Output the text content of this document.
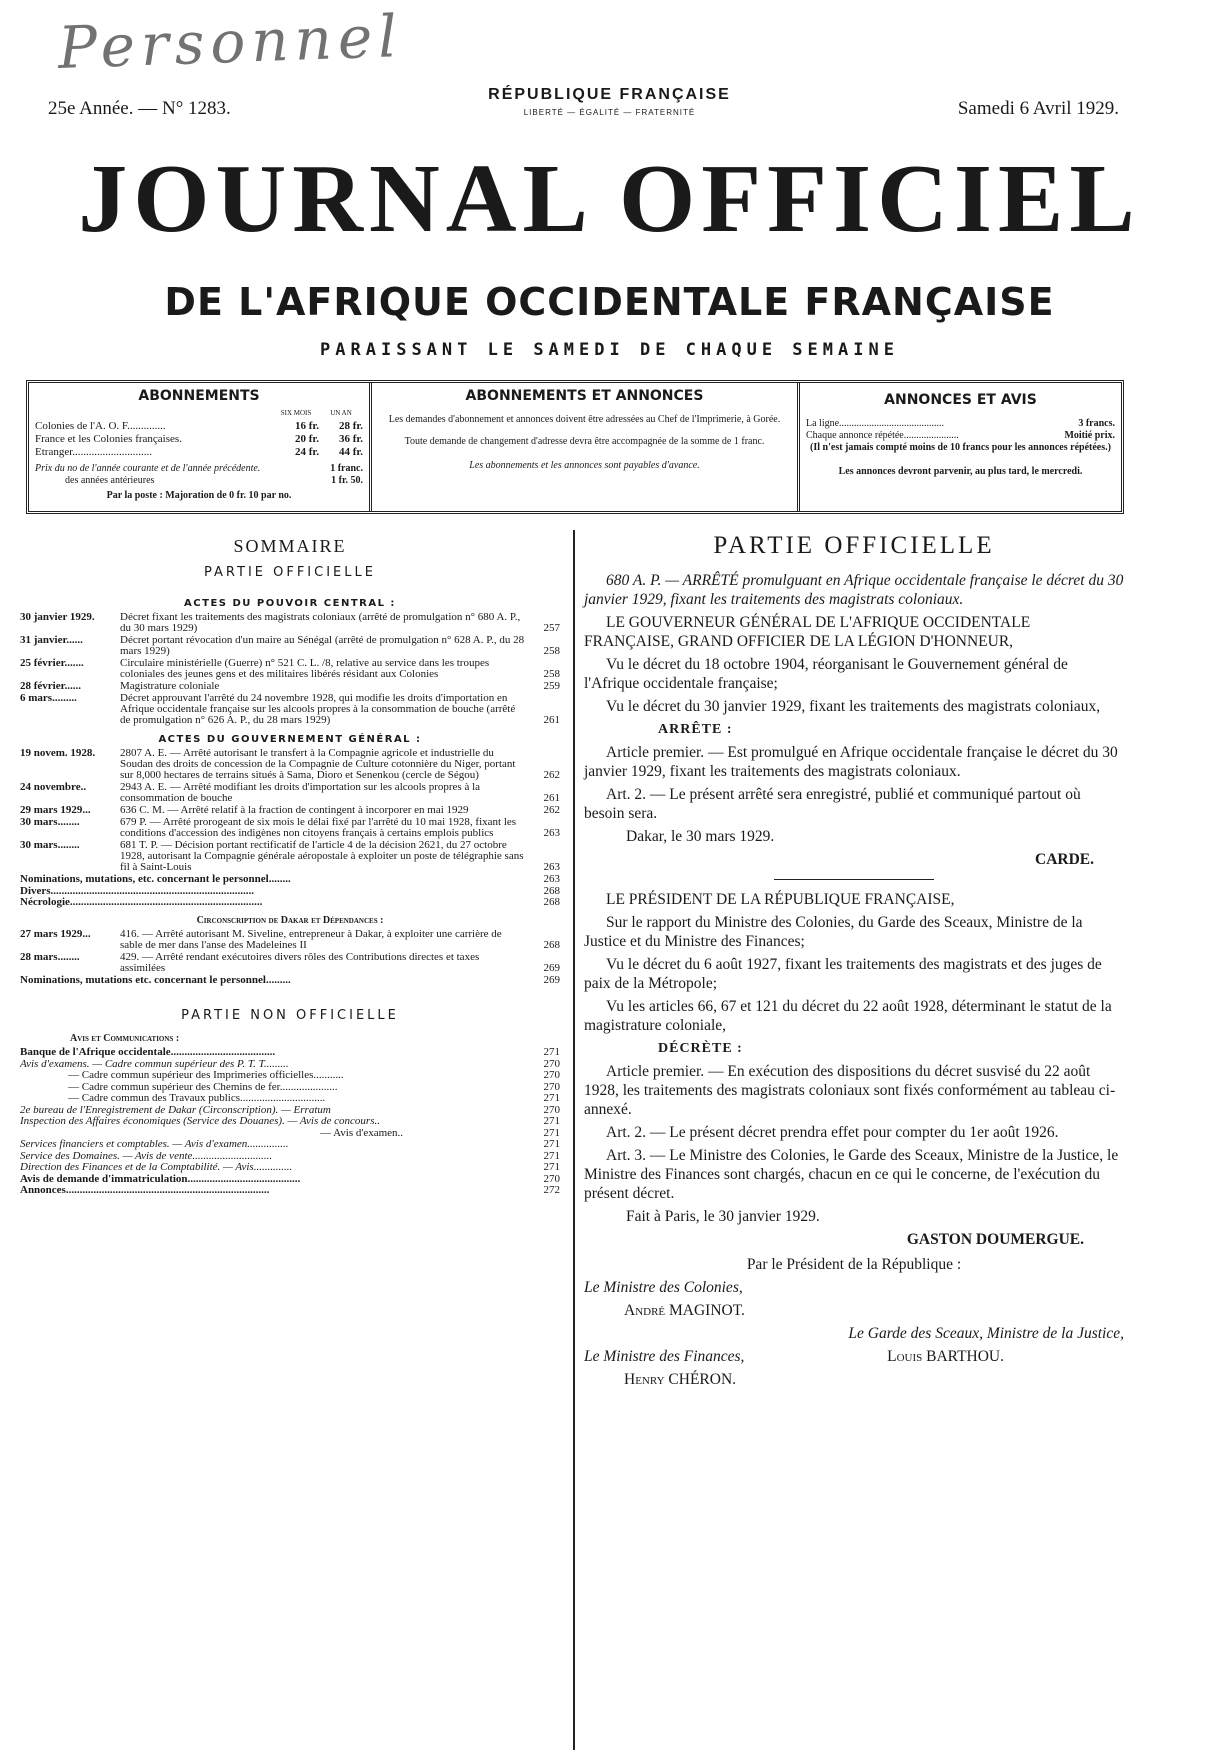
Personnel
25e Année. — N° 1283.
RÉPUBLIQUE FRANÇAISE
LIBERTÉ — ÉGALITÉ — FRATERNITÉ	Samedi 6 Avril 1929.
JOURNAL OFFICIEL
DE L'AFRIQUE OCCIDENTALE FRANÇAISE
PARAISSANT LE SAMEDI DE CHAQUE SEMAINE
ABONNEMENTS
SIX MOIS	UN AN
Colonies de l'A. O. F..............	16 fr.	28 fr.
France et les Colonies françaises.	20 fr.	36 fr.
Etranger.............................	24 fr.	44 fr.
Prix du no de l'année courante et de l'année précédente.	1 franc.
des années antérieures	1 fr. 50.
Par la poste : Majoration de 0 fr. 10 par no.
ABONNEMENTS ET ANNONCES
Les demandes d'abonnement et annonces doivent être adressées au Chef de l'Imprimerie, à Gorée.
Toute demande de changement d'adresse devra être accompagnée de la somme de 1 franc.
Les abonnements et les annonces sont payables d'avance.
ANNONCES ET AVIS
La ligne..........................................	3 francs.
Chaque annonce répétée......................	Moitié prix.
(Il n'est jamais compté moins de 10 francs pour les annonces répétées.)
Les annonces devront parvenir, au plus tard, le mercredi.
SOMMAIRE
PARTIE OFFICIELLE
ACTES DU POUVOIR CENTRAL :
30 janvier 1929.	Décret fixant les traitements des magistrats coloniaux (arrêté de promulgation n° 680 A. P., du 30 mars 1929)	257
31 janvier......	Décret portant révocation d'un maire au Sénégal (arrêté de promulgation n° 628 A. P., du 28 mars 1929)	258
25 février.......	Circulaire ministérielle (Guerre) n° 521 C. L. /8, relative au service dans les troupes coloniales des jeunes gens et des militaires libérés résidant aux Colonies	258
28 février......	Magistrature coloniale	259
6 mars.........	Décret approuvant l'arrêté du 24 novembre 1928, qui modifie les droits d'importation en Afrique occidentale française sur les alcools propres à la consommation de bouche (arrêté de promulgation n° 626 A. P., du 28 mars 1929)	261
ACTES DU GOUVERNEMENT GÉNÉRAL :
19 novem. 1928.	2807 A. E. — Arrêté autorisant le transfert à la Compagnie agricole et industrielle du Soudan des droits de concession de la Compagnie de Culture cotonnière du Niger, portant sur 8,000 hectares de terrains situés à Sama, Dioro et Senenkou (cercle de Ségou)	262
24 novembre..	2943 A. E. — Arrêté modifiant les droits d'importation sur les alcools propres à la consommation de bouche	261
29 mars 1929...	636 C. M. — Arrêté relatif à la fraction de contingent à incorporer en mai 1929	262
30 mars........	679 P. — Arrêté prorogeant de six mois le délai fixé par l'arrêté du 10 mai 1928, fixant les conditions d'accession des indigènes non citoyens français à certains emplois publics	263
30 mars........	681 T. P. — Décision portant rectificatif de l'article 4 de la décision 2621, du 27 octobre 1928, autorisant la Compagnie générale aéropostale à exploiter un poste de télégraphie sans fil à Saint-Louis	263
Nominations, mutations, etc. concernant le personnel........	263
Divers..........................................................................	268
Nécrologie......................................................................	268
Circonscription de Dakar et Dépendances :
27 mars 1929...	416. — Arrêté autorisant M. Siveline, entrepreneur à Dakar, à exploiter une carrière de sable de mer dans l'anse des Madeleines II	268
28 mars........	429. — Arrêté rendant exécutoires divers rôles des Contributions directes et taxes assimilées	269
Nominations, mutations etc. concernant le personnel.........	269
PARTIE NON OFFICIELLE
Avis et Communications :
Banque de l'Afrique occidentale......................................	271
Avis d'examens. — Cadre commun supérieur des P. T. T.........	270
— Cadre commun supérieur des Imprimeries officielles...........	270
— Cadre commun supérieur des Chemins de fer.....................	270
— Cadre commun des Travaux publics...............................	271
2e bureau de l'Enregistrement de Dakar (Circonscription). — Erratum	270
Inspection des Affaires économiques (Service des Douanes). — Avis de concours..	271
— Avis d'examen..	271
Services financiers et comptables. — Avis d'examen...............	271
Service des Domaines. — Avis de vente.............................	271
Direction des Finances et de la Comptabilité. — Avis..............	271
Avis de demande d'immatriculation.........................................	270
Annonces..........................................................................	272
PARTIE OFFICIELLE

680 A. P. — ARRÊTÉ promulguant en Afrique occidentale française le décret du 30 janvier 1929, fixant les traitements des magistrats coloniaux.

LE GOUVERNEUR GÉNÉRAL DE L'AFRIQUE OCCIDENTALE FRANÇAISE, GRAND OFFICIER DE LA LÉGION D'HONNEUR,

Vu le décret du 18 octobre 1904, réorganisant le Gouvernement général de l'Afrique occidentale française;

Vu le décret du 30 janvier 1929, fixant les traitements des magistrats coloniaux,

ARRÊTE :

Article premier. — Est promulgué en Afrique occidentale française le décret du 30 janvier 1929, fixant les traitements des magistrats coloniaux.

Art. 2. — Le présent arrêté sera enregistré, publié et communiqué partout où besoin sera.

Dakar, le 30 mars 1929.

CARDE.

LE PRÉSIDENT DE LA RÉPUBLIQUE FRANÇAISE,

Sur le rapport du Ministre des Colonies, du Garde des Sceaux, Ministre de la Justice et du Ministre des Finances;

Vu le décret du 6 août 1927, fixant les traitements des magistrats et des juges de paix de la Métropole;

Vu les articles 66, 67 et 121 du décret du 22 août 1928, déterminant le statut de la magistrature coloniale,

DÉCRÈTE :

Article premier. — En exécution des dispositions du décret susvisé du 22 août 1928, les traitements des magistrats coloniaux sont fixés conformément au tableau ci-annexé.

Art. 2. — Le présent décret prendra effet pour compter du 1er août 1926.

Art. 3. — Le Ministre des Colonies, le Garde des Sceaux, Ministre de la Justice, le Ministre des Finances sont chargés, chacun en ce qui le concerne, de l'exécution du présent décret.

Fait à Paris, le 30 janvier 1929.

GASTON DOUMERGUE.

Par le Président de la République :

Le Ministre des Colonies,

André MAGINOT.

Le Garde des Sceaux, Ministre de la Justice,

Le Ministre des Finances,	Louis BARTHOU.

Henry CHÉRON.
